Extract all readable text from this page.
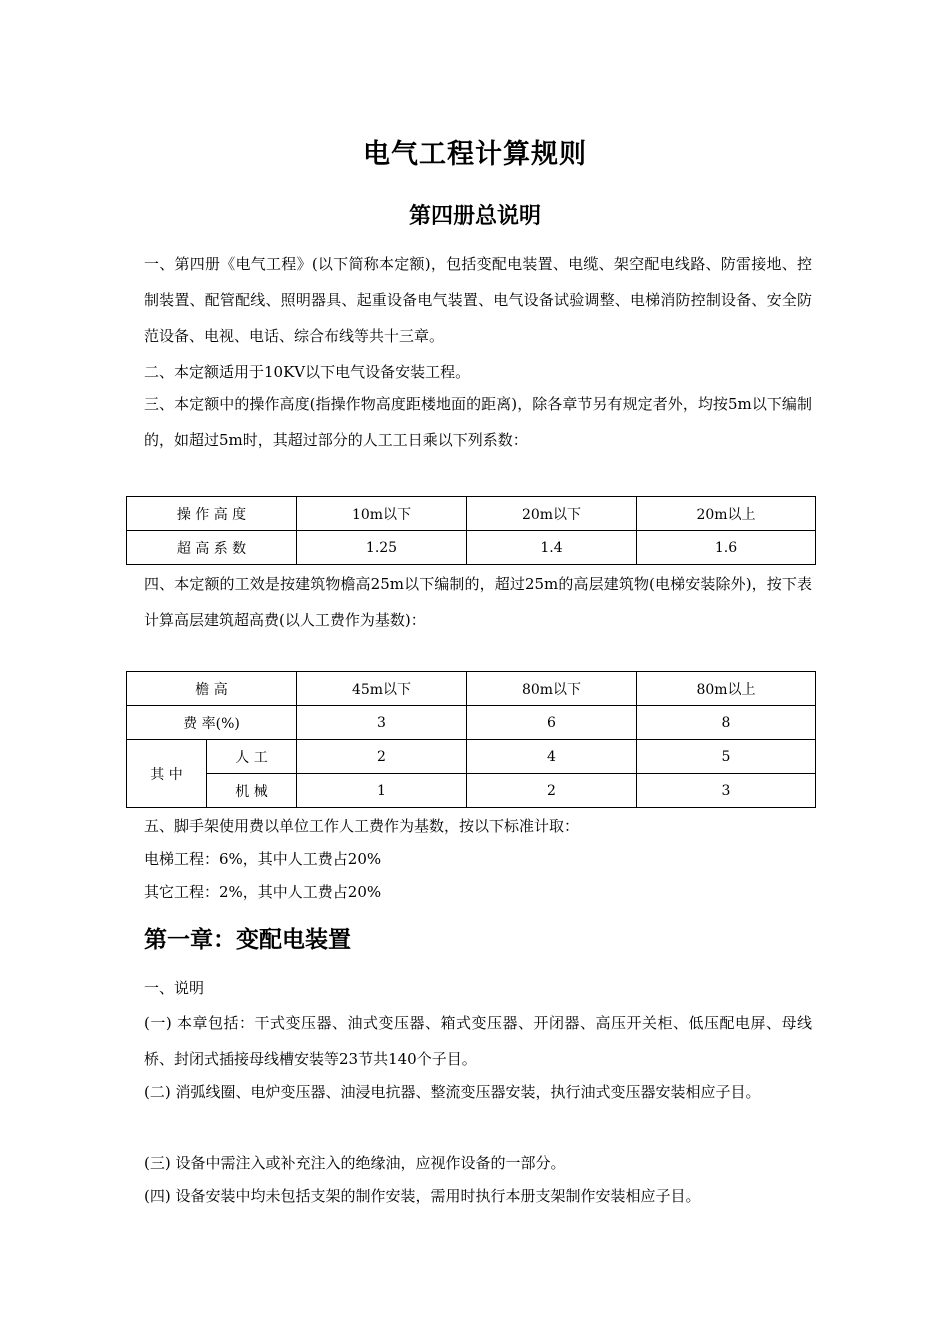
电气工程计算规则
第四册总说明
一、第四册《电气工程》(以下简称本定额)，包括变配电装置、电缆、架空配电线路、防雷接地、控制装置、配管配线、照明器具、起重设备电气装置、电气设备试验调整、电梯消防控制设备、安全防范设备、电视、电话、综合布线等共十三章。
二、本定额适用于10KV以下电气设备安装工程。
三、本定额中的操作高度(指操作物高度距楼地面的距离)，除各章节另有规定者外，均按5m以下编制的，如超过5m时，其超过部分的人工工日乘以下列系数：
操 作 高 度	10m以下	20m以下	20m以上
超 高 系 数	1.25	1.4	1.6
四、本定额的工效是按建筑物檐高25m以下编制的，超过25m的高层建筑物(电梯安装除外)，按下表计算高层建筑超高费(以人工费作为基数)：
檐 高		45m以下	80m以下	80m以上
费 率(%)		3	6	8
其 中	人 工	2	4	5
	机 械	1	2	3
五、脚手架使用费以单位工作人工费作为基数，按以下标准计取：
电梯工程：6%，其中人工费占20%
其它工程：2%，其中人工费占20%
第一章：变配电装置
一、说明
(一) 本章包括：干式变压器、油式变压器、箱式变压器、开闭器、高压开关柜、低压配电屏、母线桥、封闭式插接母线槽安装等23节共140个子目。
(二) 消弧线圈、电炉变压器、油浸电抗器、整流变压器安装，执行油式变压器安装相应子目。
(三) 设备中需注入或补充注入的绝缘油，应视作设备的一部分。
(四) 设备安装中均未包括支架的制作安装，需用时执行本册支架制作安装相应子目。
